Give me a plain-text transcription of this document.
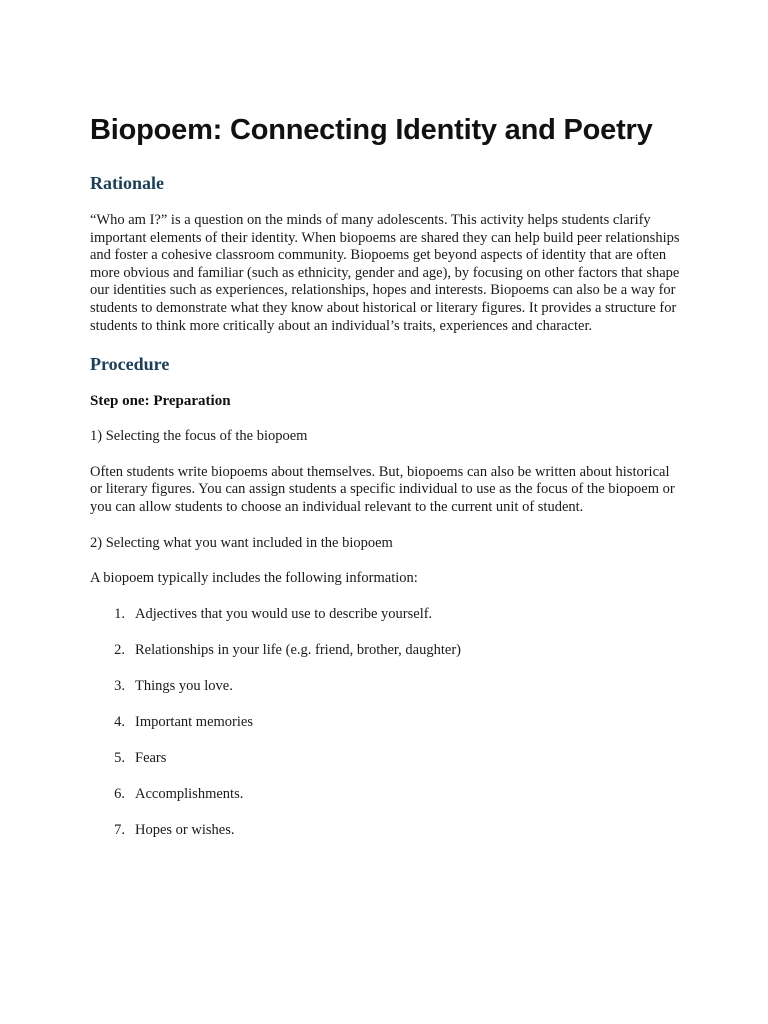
Biopoem: Connecting Identity and Poetry
Rationale

“Who am I?” is a question on the minds of many adolescents. This activity helps students clarify important elements of their identity. When biopoems are shared they can help build peer relationships and foster a cohesive classroom community. Biopoems get beyond aspects of identity that are often more obvious and familiar (such as ethnicity, gender and age), by focusing on other factors that shape our identities such as experiences, relationships, hopes and interests. Biopoems can also be a way for students to demonstrate what they know about historical or literary figures. It provides a structure for students to think more critically about an individual’s traits, experiences and character.

Procedure
Step one: Preparation

1) Selecting the focus of the biopoem

Often students write biopoems about themselves. But, biopoems can also be written about historical or literary figures. You can assign students a specific individual to use as the focus of the biopoem or you can allow students to choose an individual relevant to the current unit of student.

2) Selecting what you want included in the biopoem

A biopoem typically includes the following information:

1. Adjectives that you would use to describe yourself.
2. Relationships in your life (e.g. friend, brother, daughter)
3. Things you love.
4. Important memories
5. Fears
6. Accomplishments.
7. Hopes or wishes.
